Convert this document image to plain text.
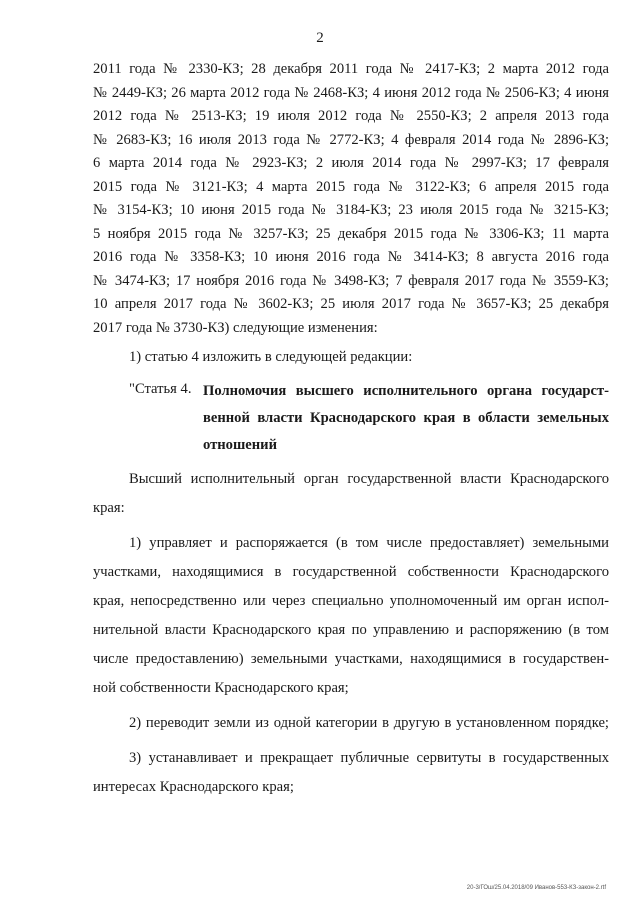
2
2011 года № 2330-КЗ; 28 декабря 2011 года № 2417-КЗ; 2 марта 2012 года
№ 2449-КЗ; 26 марта 2012 года № 2468-КЗ; 4 июня 2012 года № 2506-КЗ; 4 июня
2012 года № 2513-КЗ; 19 июля 2012 года № 2550-КЗ; 2 апреля 2013 года
№ 2683-КЗ; 16 июля 2013 года № 2772-КЗ; 4 февраля 2014 года № 2896-КЗ;
6 марта 2014 года № 2923-КЗ; 2 июля 2014 года № 2997-КЗ; 17 февраля
2015 года № 3121-КЗ; 4 марта 2015 года № 3122-КЗ; 6 апреля 2015 года
№ 3154-КЗ; 10 июня 2015 года № 3184-КЗ; 23 июля 2015 года № 3215-КЗ;
5 ноября 2015 года № 3257-КЗ; 25 декабря 2015 года № 3306-КЗ; 11 марта
2016 года № 3358-КЗ; 10 июня 2016 года № 3414-КЗ; 8 августа 2016 года
№ 3474-КЗ; 17 ноября 2016 года № 3498-КЗ; 7 февраля 2017 года № 3559-КЗ;
10 апреля 2017 года № 3602-КЗ; 25 июля 2017 года № 3657-КЗ; 25 декабря
2017 года № 3730-КЗ) следующие изменения:
1) статью 4 изложить в следующей редакции:
"Статья 4. Полномочия высшего исполнительного органа государст-
венной власти Краснодарского края в области земельных
отношений
Высший исполнительный орган государственной власти Краснодарского
края:
1) управляет и распоряжается (в том числе предоставляет) земельными
участками, находящимися в государственной собственности Краснодарского
края, непосредственно или через специально уполномоченный им орган испол-
нительной власти Краснодарского края по управлению и распоряжению (в том
числе предоставлению) земельными участками, находящимися в государствен-
ной собственности Краснодарского края;
2) переводит земли из одной категории в другую в установленном порядке;
3) устанавливает и прекращает публичные сервитуты в государственных
интересах Краснодарского края;
20-3/ГОш/25.04.2018/09 Иванов-553-КЗ-закон-2.rtf
